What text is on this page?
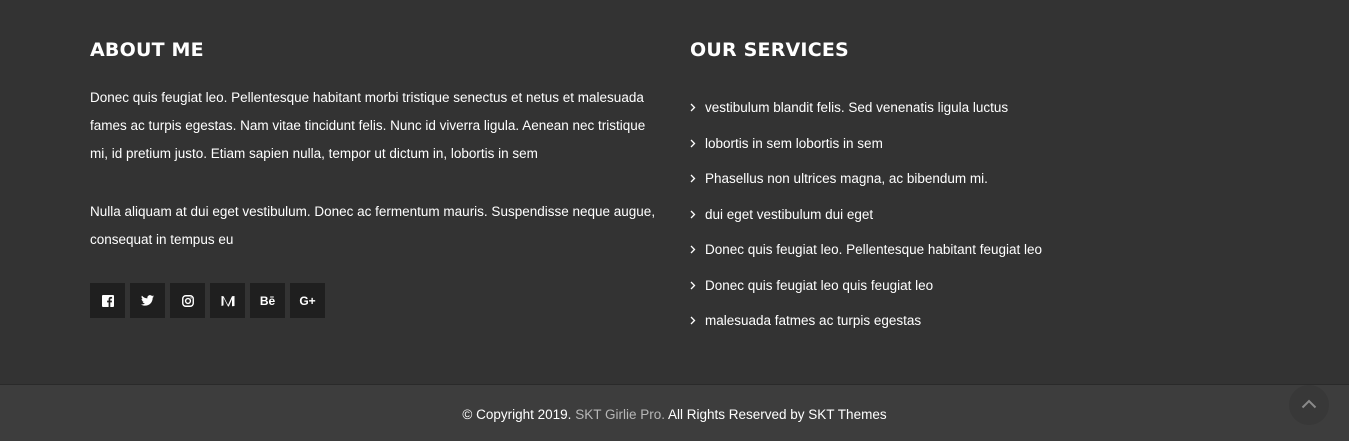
ABOUT ME

Donec quis feugiat leo. Pellentesque habitant morbi tristique senectus et netus et malesuada fames ac turpis egestas. Nam vitae tincidunt felis. Nunc id viverra ligula. Aenean nec tristique mi, id pretium justo. Etiam sapien nulla, tempor ut dictum in, lobortis in sem

Nulla aliquam at dui eget vestibulum. Donec ac fermentum mauris. Suspendisse neque augue, consequat in tempus eu

Bē G+
OUR SERVICES
vestibulum blandit felis. Sed venenatis ligula luctus
lobortis in sem lobortis in sem
Phasellus non ultrices magna, ac bibendum mi.
dui eget vestibulum dui eget
Donec quis feugiat leo. Pellentesque habitant feugiat leo
Donec quis feugiat leo quis feugiat leo
malesuada fatmes ac turpis egestas
© Copyright 2019. SKT Girlie Pro. All Rights Reserved by SKT Themes
